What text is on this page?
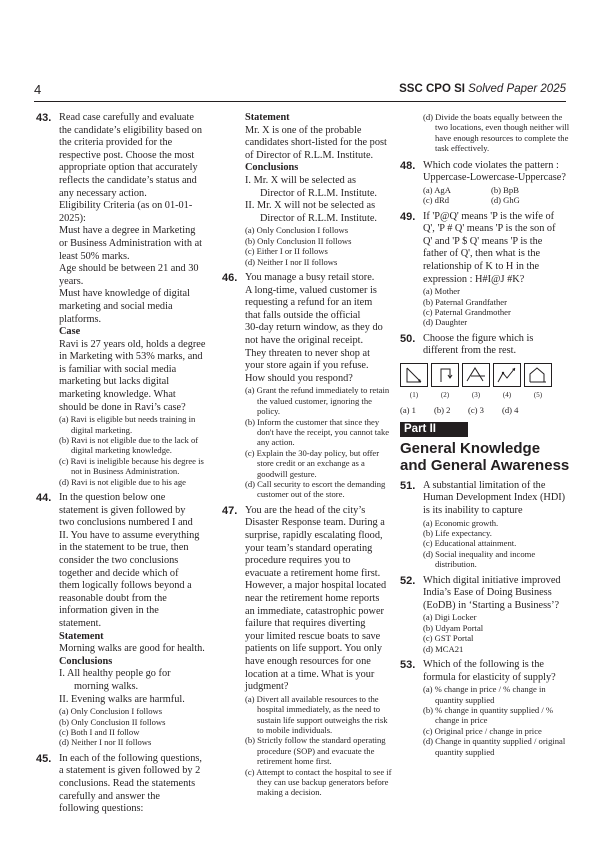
4	SSC CPO SI Solved Paper 2025
43. Read case carefully and evaluate
the candidate’s eligibility based on
the criteria provided for the
respective post. Choose the most
appropriate option that accurately
reflects the candidate’s status and
any necessary action.
Eligibility Criteria (as on 01-01-2025):
Must have a degree in Marketing
or Business Administration with at
least 50% marks.
Age should be between 21 and 30
years.
Must have knowledge of digital
marketing and social media
platforms.
Case
Ravi is 27 years old, holds a degree
in Marketing with 53% marks, and
is familiar with social media
marketing but lacks digital
marketing knowledge. What
should be done in Ravi’s case?
(a) Ravi is eligible but needs training in digital marketing.
(b) Ravi is not eligible due to the lack of digital marketing knowledge.
(c) Ravi is ineligible because his degree is not in Business Administration.
(d) Ravi is not eligible due to his age
44. In the question below one
statement is given followed by
two conclusions numbered I and
II. You have to assume everything
in the statement to be true, then
consider the two conclusions
together and decide which of
them logically follows beyond a
reasonable doubt from the
information given in the
statement.
Statement
Morning walks are good for health.
Conclusions
I. All healthy people go for morning walks.
II. Evening walks are harmful.
(a) Only Conclusion I follows
(b) Only Conclusion II follows
(c) Both I and II follow
(d) Neither I nor II follows
45. In each of the following questions,
a statement is given followed by 2
conclusions. Read the statements
carefully and answer the
following questions:
Statement
Mr. X is one of the probable
candidates short-listed for the post
of Director of R.L.M. Institute.
Conclusions
I. Mr. X will be selected as Director of R.L.M. Institute.
II. Mr. X will not be selected as Director of R.L.M. Institute.
(a) Only Conclusion I follows
(b) Only Conclusion II follows
(c) Either I or II follows
(d) Neither I nor II follows
46. You manage a busy retail store.
A long-time, valued customer is
requesting a refund for an item
that falls outside the official
30-day return window, as they do
not have the original receipt.
They threaten to never shop at
your store again if you refuse.
How should you respond?
(a) Grant the refund immediately to retain the valued customer, ignoring the policy.
(b) Inform the customer that since they don't have the receipt, you cannot take any action.
(c) Explain the 30-day policy, but offer store credit or an exchange as a goodwill gesture.
(d) Call security to escort the demanding customer out of the store.
47. You are the head of the city’s
Disaster Response team. During a
surprise, rapidly escalating flood,
your team’s standard operating
procedure requires you to
evacuate a retirement home first.
However, a major hospital located
near the retirement home reports
an immediate, catastrophic power
failure that requires diverting
your limited rescue boats to save
patients on life support. You only
have enough resources for one
location at a time. What is your
judgment?
(a) Divert all available resources to the hospital immediately, as the need to sustain life support outweighs the risk to mobile individuals.
(b) Strictly follow the standard operating procedure (SOP) and evacuate the retirement home first.
(c) Attempt to contact the hospital to see if they can use backup generators before making a decision.
(d) Divide the boats equally between the two locations, even though neither will have enough resources to complete the task effectively.
48. Which code violates the pattern :
Uppercase-Lowercase-Uppercase?
(a) AgA	(b) BpB
(c) dRd	(d) GhG
49. If 'P@Q' means 'P is the wife of
Q', 'P # Q' means 'P is the son of
Q' and 'P $ Q' means 'P is the
father of Q', then what is the
relationship of K to H in the
expression : H#I@J #K?
(a) Mother
(b) Paternal Grandfather
(c) Paternal Grandmother
(d) Daughter
50. Choose the figure which is
different from the rest.
(1)	(2)	(3)	(4)	(5)
(a) 1	(b) 2	(c) 3	(d) 4
Part II
General Knowledge
and General Awareness
51. A substantial limitation of the
Human Development Index (HDI)
is its inability to capture
(a) Economic growth.
(b) Life expectancy.
(c) Educational attainment.
(d) Social inequality and income distribution.
52. Which digital initiative improved
India’s Ease of Doing Business
(EoDB) in ‘Starting a Business’?
(a) Digi Locker
(b) Udyam Portal
(c) GST Portal
(d) MCA21
53. Which of the following is the
formula for elasticity of supply?
(a) % change in price / % change in quantity supplied
(b) % change in quantity supplied / % change in price
(c) Original price / change in price
(d) Change in quantity supplied / original quantity supplied
